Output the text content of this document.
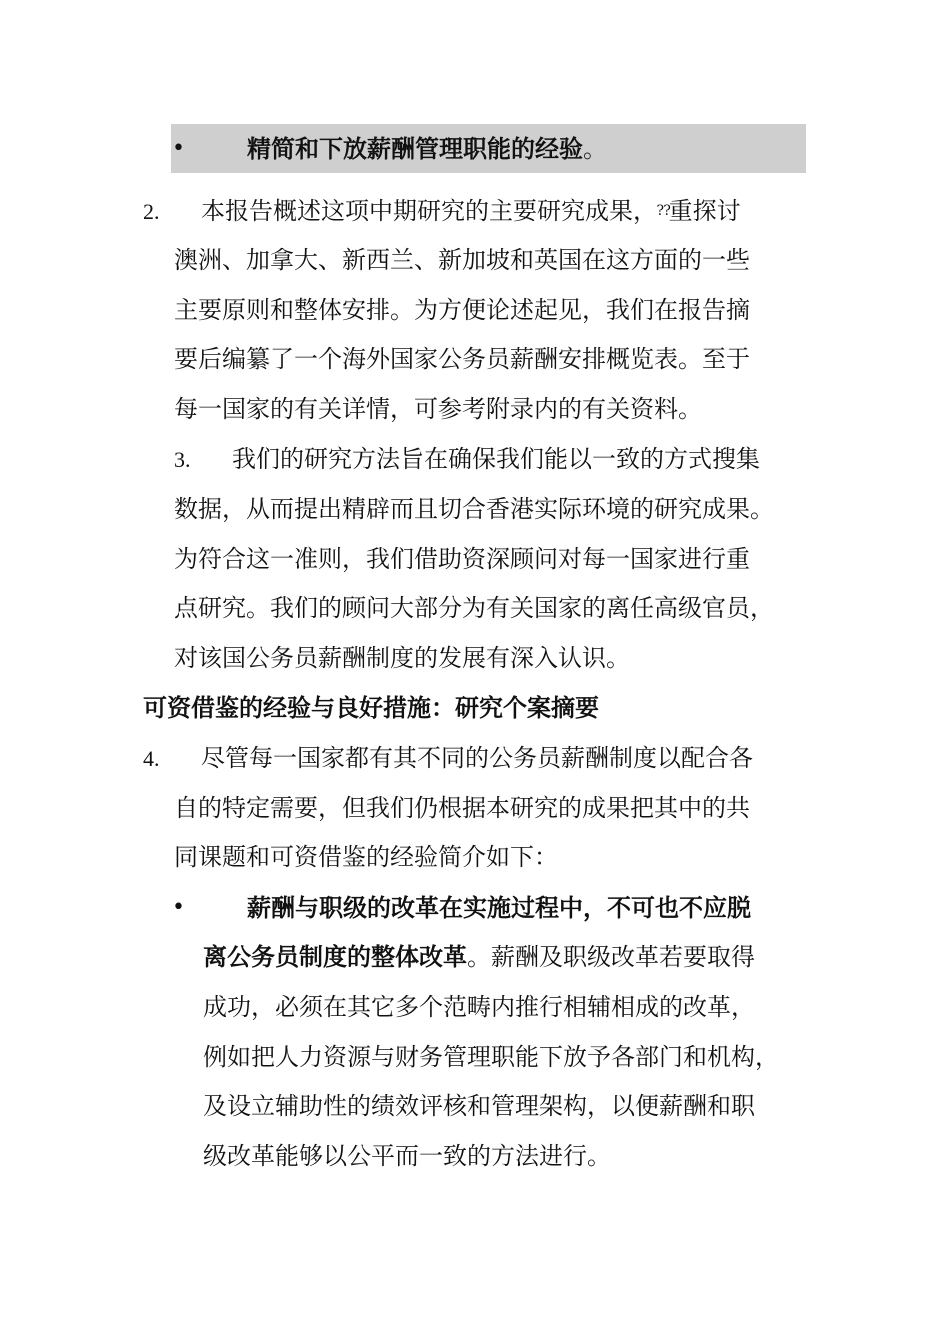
•	精简和下放薪酬管理职能的经验。
2. 本报告概述这项中期研究的主要研究成果，⁇重探讨
澳洲、加拿大、新西兰、新加坡和英国在这方面的一些
主要原则和整体安排。为方便论述起见，我们在报告摘
要后编纂了一个海外国家公务员薪酬安排概览表。至于
每一国家的有关详情，可参考附录内的有关资料。
3. 我们的研究方法旨在确保我们能以一致的方式搜集
数据，从而提出精辟而且切合香港实际环境的研究成果。
为符合这一准则，我们借助资深顾问对每一国家进行重
点研究。我们的顾问大部分为有关国家的离任高级官员，
对该国公务员薪酬制度的发展有深入认识。
可资借鉴的经验与良好措施：研究个案摘要
4. 尽管每一国家都有其不同的公务员薪酬制度以配合各
自的特定需要，但我们仍根据本研究的成果把其中的共
同课题和可资借鉴的经验简介如下：
•	薪酬与职级的改革在实施过程中，不可也不应脱
离公务员制度的整体改革。薪酬及职级改革若要取得
成功，必须在其它多个范畴内推行相辅相成的改革，
例如把人力资源与财务管理职能下放予各部门和机构，
及设立辅助性的绩效评核和管理架构，以便薪酬和职
级改革能够以公平而一致的方法进行。
